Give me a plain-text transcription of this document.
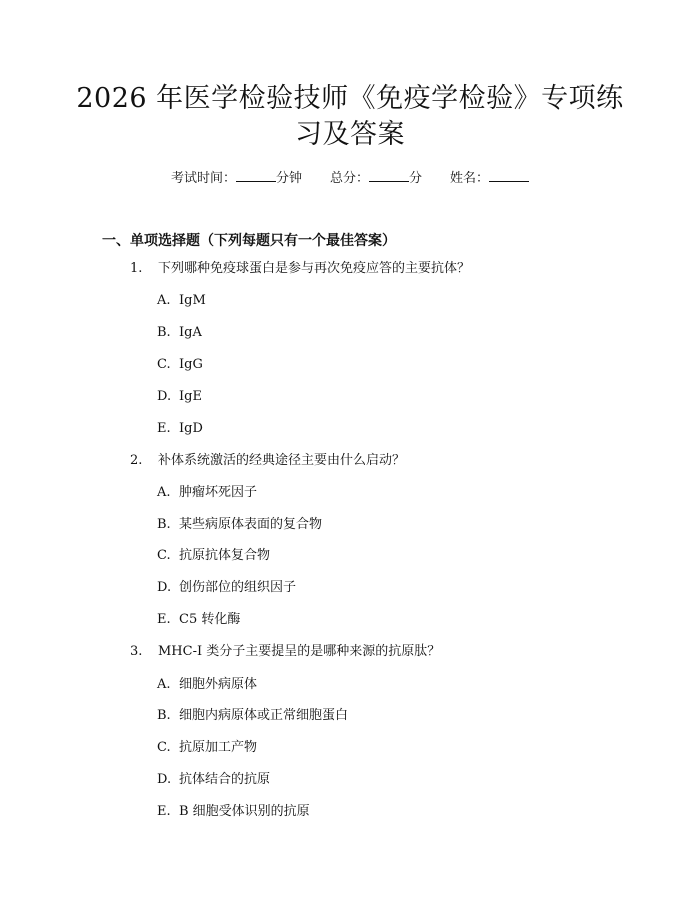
2026 年医学检验技师《免疫学检验》专项练
习及答案
考试时间：	分钟 总分：	分 姓名：
一、单项选择题（下列每题只有一个最佳答案）
1. 下列哪种免疫球蛋白是参与再次免疫应答的主要抗体？
A. IgM
B. IgA
C. IgG
D. IgE
E. IgD
2. 补体系统激活的经典途径主要由什么启动？
A. 肿瘤坏死因子
B. 某些病原体表面的复合物
C. 抗原抗体复合物
D. 创伤部位的组织因子
E. C5 转化酶
3. MHC-I 类分子主要提呈的是哪种来源的抗原肽？
A. 细胞外病原体
B. 细胞内病原体或正常细胞蛋白
C. 抗原加工产物
D. 抗体结合的抗原
E. B 细胞受体识别的抗原
